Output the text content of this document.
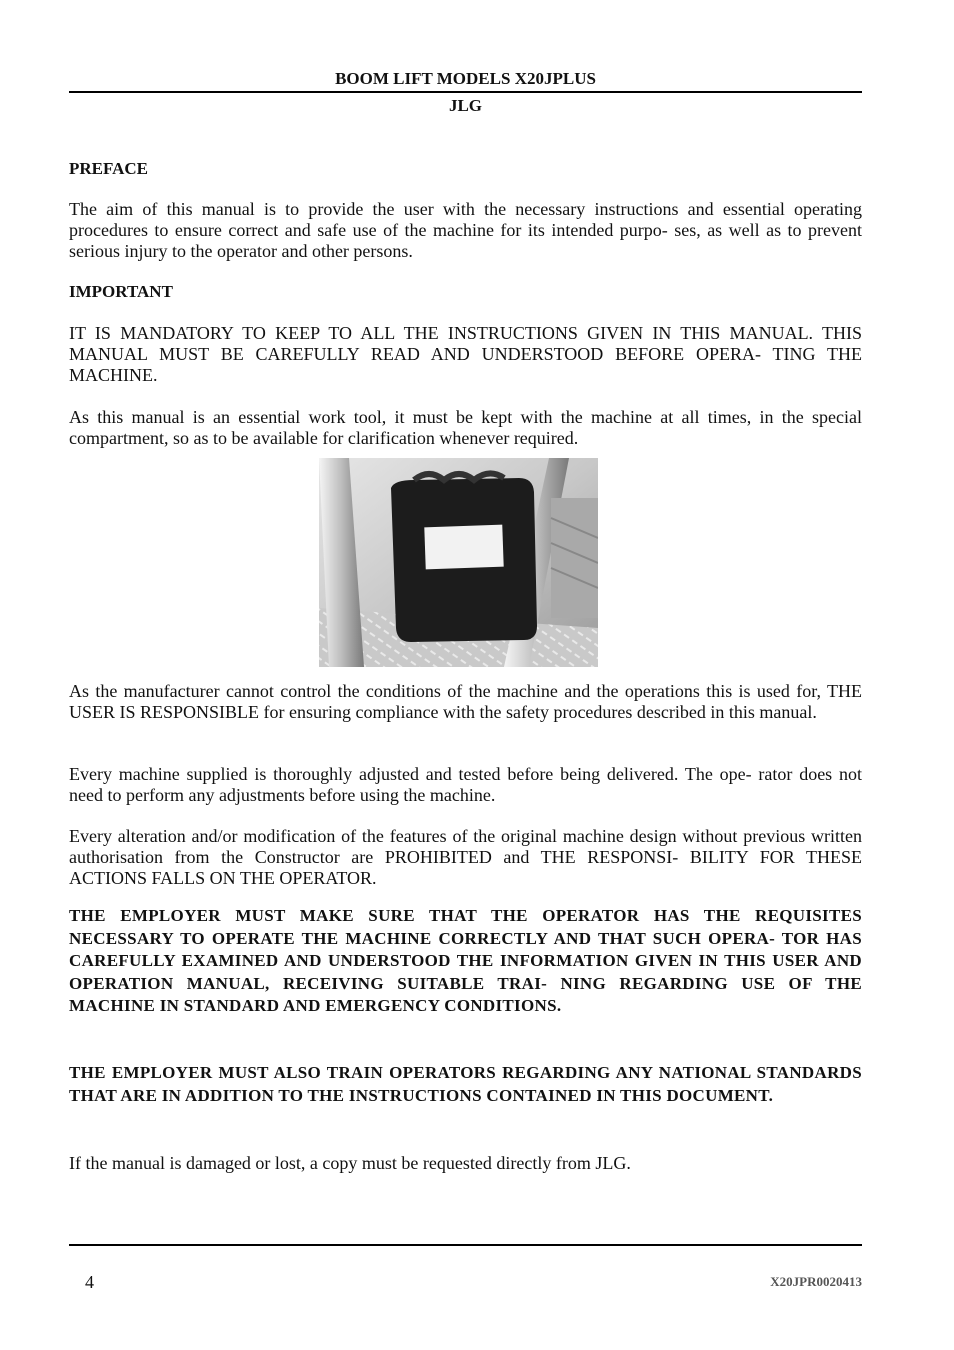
BOOM LIFT MODELS X20JPLUS
JLG
PREFACE
The aim of this manual is to provide the user with the necessary instructions and essential operating procedures to ensure correct and safe use of the machine for its intended purpo- ses, as well as to prevent serious injury to the operator and other persons.
IMPORTANT
IT IS MANDATORY TO KEEP TO ALL THE INSTRUCTIONS GIVEN IN THIS MANUAL. THIS MANUAL MUST BE CAREFULLY READ AND UNDERSTOOD BEFORE OPERA- TING THE MACHINE.
As this manual is an essential work tool, it must be kept with the machine at all times, in the special compartment, so as to be available for clarification whenever required.
As the manufacturer cannot control the conditions of the machine and the operations this is used for, THE USER IS RESPONSIBLE for ensuring compliance with the safety procedures described in this manual.
Every machine supplied is thoroughly adjusted and tested before being delivered. The ope- rator does not need to perform any adjustments before using the machine.
Every alteration and/or modification of the features of the original machine design without previous written authorisation from the Constructor are PROHIBITED and THE RESPONSI- BILITY FOR THESE ACTIONS FALLS ON THE OPERATOR.
THE EMPLOYER MUST MAKE SURE THAT THE OPERATOR HAS THE REQUISITES NECESSARY TO OPERATE THE MACHINE CORRECTLY AND THAT SUCH OPERA- TOR HAS CAREFULLY EXAMINED AND UNDERSTOOD THE INFORMATION GIVEN IN THIS USER AND OPERATION MANUAL, RECEIVING SUITABLE TRAI- NING REGARDING USE OF THE MACHINE IN STANDARD AND EMERGENCY CONDITIONS.
THE EMPLOYER MUST ALSO TRAIN OPERATORS REGARDING ANY NATIONAL STANDARDS THAT ARE IN ADDITION TO THE INSTRUCTIONS CONTAINED IN THIS DOCUMENT.
If the manual is damaged or lost, a copy must be requested directly from JLG.
4	X20JPR0020413
